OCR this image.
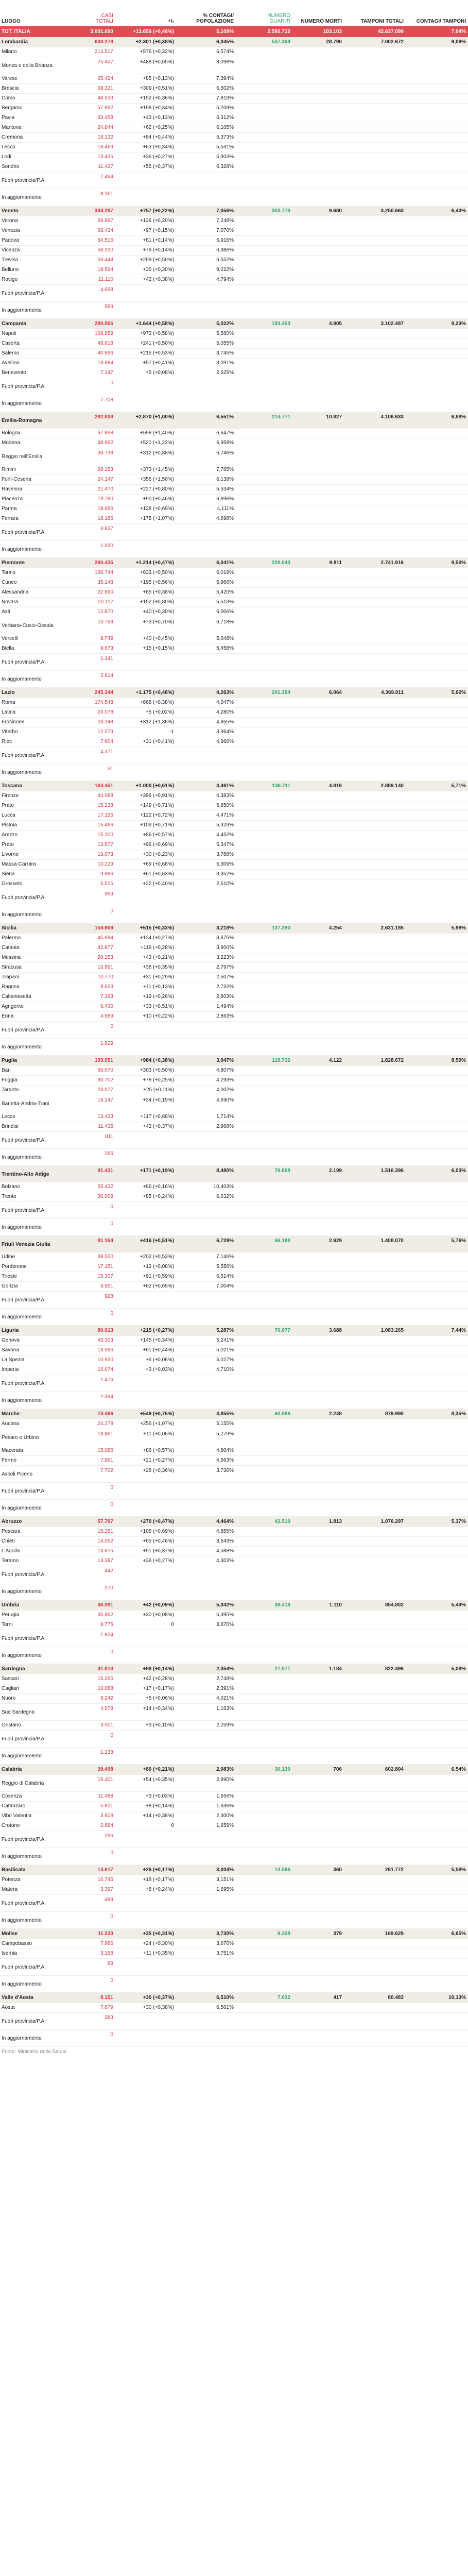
LUOGO	CASI
TOTALI	+/-	% CONTAGI/ POPOLAZIONE	NUMERO
GUARITI	NUMERO MORTI	TAMPONI TOTALI	CONTAGI/ TAMPONI
TOT. ITALIA	3.001.690	+13.659 (+0,46%)	5,109%	2.580.732	103.103	42.637.099	7,04%
Lombardia	608.278	+2.301 (+0,38%)	6,045%	537.369	28.790	7.002.672	9,09%
Milano	214.517	+576 (+0,32%)	6,574%				
Monza e della Brianza	75.427	+488 (+0,65%)	8,098%				
Varese	65.424	+85 (+0,13%)	7,394%				
Brescia	68.321	+309 (+0,51%)	6,502%				
Como	48.533	+152 (+0,36%)	7,819%				
Bergamo	57.892	+198 (+0,34%)	5,209%				
Pavia	33.458	+43 (+0,13%)	6,312%				
Mantova	24.844	+62 (+0,25%)	6,105%				
Cremona	19.132	+84 (+0,44%)	5,373%				
Lecco	18.463	+63 (+0,34%)	5,531%				
Lodi	13.425	+36 (+0,27%)	5,903%				
Sondrio	11.427	+55 (+0,37%)	6,328%				
Fuori provincia/P.A.	7.494						
In aggiornamento	8.161						
Veneto	343.287	+757 (+0,22%)	7,056%	303.773	9.680	3.250.663	6,43%
Verona	66.687	+136 (+0,20%)	7,248%				
Venezia	68.434	+97 (+0,15%)	7,070%				
Padova	64.516	+81 (+0,14%)	6,916%				
Vicenza	58.220	+79 (+0,14%)	6,986%				
Treviso	59.448	+299 (+0,50%)	6,552%				
Belluno	18.594	+35 (+0,30%)	9,222%				
Rovigo	11.110	+42 (+0,38%)	4,794%				
Fuori provincia/P.A.	4.698						
In aggiornamento	589						
Campania	290.865	+1.644 (+0,58%)	5,022%	193.453	4.905	3.102.497	9,23%
Napoli	168.859	+973 (+0,58%)	5,560%				
Caserta	48.618	+241 (+0,50%)	5,055%				
Salerno	40.896	+215 (+0,53%)	3,745%				
Avellino	13.884	+57 (+0,41%)	3,091%				
Benevento	7.147	+5 (+0,08%)	2,625%				
Fuori provincia/P.A.	0						
In aggiornamento	7.708						
Emilia-Romagna	292.838	+2.870 (+1,00%)	6,551%	214.771	10.827	4.106.633	6,88%
Bologna	67.898	+598 (+1,40%)	6,647%				
Modena	48.662	+520 (+1,22%)	6,958%				
Reggio nell'Emilia	39.738	+312 (+0,88%)	6,746%				
Rimini	28.153	+373 (+1,45%)	7,765%				
Forlì-Cesena	24.147	+356 (+1,50%)	6,139%				
Ravenna	21.470	+227 (+0,80%)	5,534%				
Piacenza	19.780	+90 (+0,46%)	6,896%				
Parma	18.666	+128 (+0,69%)	4,111%				
Ferrara	18.186	+178 (+1,07%)	4,698%				
Fuori provincia/P.A.	3.837						
In aggiornamento	1.030						
Piemonte	260.435	+1.214 (+0,47%)	6,041%	228.043	9.811	2.741.916	9,50%
Torino	136.744	+633 (+0,50%)	6,019%				
Cuneo	35.148	+195 (+0,56%)	5,966%				
Alessandria	22.690	+85 (+0,38%)	5,420%				
Novara	20.117	+152 (+0,80%)	5,513%				
Asti	12.870	+40 (+0,30%)	6,006%				
Verbano-Cusio-Ossola	10.798	+73 (+0,70%)	6,718%				
Vercelli	8.749	+40 (+0,45%)	5,048%				
Biella	9.673	+15 (+0,15%)	5,458%				
Fuori provincia/P.A.	1.141						
In aggiornamento	2.614						
Lazio	245.344	+1.175 (+0,48%)	4,263%	201.354	6.064	4.369.011	5,62%
Roma	174.548	+668 (+0,38%)	4,047%				
Latina	24.078	+5 (+0,02%)	4,280%				
Frosinone	23.248	+312 (+1,36%)	4,855%				
Viterbo	12.279	-1	3,964%				
Rieti	7.604	+31 (+0,41%)	4,966%				
Fuori provincia/P.A.	4.371						
In aggiornamento	31						
Toscana	164.451	+1.000 (+0,61%)	4,461%	136.711	4.816	2.889.140	5,71%
Firenze	44.088	+396 (+0,91%)	4,383%				
Prato	15.138	+149 (+0,71%)	5,850%				
Lucca	17.156	+122 (+0,72%)	4,471%				
Pistoia	15.466	+109 (+0,71%)	5,329%				
Arezzo	15.100	+86 (+0,57%)	4,452%				
Prato	13.877	+96 (+0,69%)	5,347%				
Livorno	13.073	+30 (+0,23%)	3,788%				
Massa-Carrara	10.229	+69 (+0,68%)	5,309%				
Siena	9.886	+61 (+0,63%)	3,352%				
Grosseto	5.515	+22 (+0,40%)	2,510%				
Fuori provincia/P.A.	999						
In aggiornamento	0						
Sicilia	158.909	+515 (+0,33%)	3,218%	137.290	4.254	2.631.185	5,98%
Palermo	45.684	+124 (+0,27%)	3,675%				
Catania	42.877	+119 (+0,28%)	3,900%				
Messina	20.153	+43 (+0,21%)	3,223%				
Siracusa	10.891	+38 (+0,35%)	2,797%				
Trapani	10.770	+31 (+0,29%)	2,507%				
Ragusa	8.623	+11 (+0,13%)	2,732%				
Caltanissetta	7.163	+19 (+0,26%)	2,803%				
Agrigento	6.430	+33 (+0,51%)	1,494%				
Enna	4.689	+10 (+0,22%)	2,863%				
Fuori provincia/P.A.	0						
In aggiornamento	1.629						
Puglia	159.051	+984 (+0,38%)	3,947%	118.732	4.122	1.828.672	8,59%
Bari	60.070	+303 (+0,50%)	4,807%				
Foggia	30.702	+78 (+0,25%)	4,293%				
Taranto	23.077	+25 (+0,11%)	4,002%				
Barletta-Andria-Trani	18.247	+34 (+0,19%)	4,690%				
Lecce	13.433	+117 (+0,88%)	1,714%				
Brindisi	11.435	+42 (+0,37%)	2,968%				
Fuori provincia/P.A.	811						
In aggiornamento	266						
Trentino-Alto Adige	91.431	+171 (+0,19%)	8,480%	79.808	2.199	1.516.396	6,03%
Bolzano	55.432	+86 (+0,16%)	10,403%				
Trento	36.009	+85 (+0,24%)	6,632%				
Fuori provincia/P.A.	0						
In aggiornamento	0						
Friuli Venezia Giulia	81.164	+416 (+0,51%)	6,729%	66.188	2.929	1.408.070	5,76%
Udine	38.020	+202 (+0,53%)	7,146%				
Pordenone	17.151	+13 (+0,08%)	5,556%				
Trieste	15.307	+91 (+0,59%)	6,514%				
Gorizia	9.951	+62 (+0,65%)	7,004%				
Fuori provincia/P.A.	928						
In aggiornamento	0						
Liguria	80.613	+215 (+0,27%)	5,287%	70.677	3.688	1.083.265	7,44%
Genova	43.303	+145 (+0,34%)	5,241%				
Savona	13.996	+61 (+0,44%)	5,021%				
La Spezia	10.930	+6 (+0,06%)	5,027%				
Imperia	10.074	+3 (+0,03%)	4,710%				
Fuori provincia/P.A.	1.476						
In aggiornamento	2.394						
Marche	73.466	+549 (+0,75%)	4,855%	60.886	2.248	879.990	8,35%
Ancona	24.278	+256 (+1,07%)	5,155%				
Pesaro e Urbino	18.861	+11 (+0,06%)	5,279%				
Macerata	15.086	+86 (+0,57%)	4,804%				
Fermo	7.861	+21 (+0,27%)	4,563%				
Ascoli Piceno	7.702	+28 (+0,36%)	3,736%				
Fuori provincia/P.A.	0						
In aggiornamento	0						
Abruzzo	57.767	+270 (+0,47%)	4,464%	42.510	1.813	1.076.297	5,37%
Pescara	15.281	+105 (+0,69%)	4,855%				
Chieti	14.052	+65 (+0,46%)	3,643%				
L'Aquila	13.615	+51 (+0,37%)	4,588%				
Teramo	13.387	+36 (+0,27%)	4,303%				
Fuori provincia/P.A.	442						
In aggiornamento	270						
Umbria	48.091	+42 (+0,09%)	5,342%	38.418	1.110	854.802	5,44%
Perugia	35.662	+30 (+0,08%)	5,395%				
Terni	8.775	0	3,870%				
Fuori provincia/P.A.	1.824						
In aggiornamento	0						
Sardegna	41.813	+88 (+0,14%)	2,054%	27.871	1.184	822.496	5,08%
Sassari	15.265	+42 (+0,28%)	2,748%				
Cagliari	10.088	+17 (+0,17%)	2,391%				
Nuoro	8.242	+5 (+0,06%)	4,021%				
Sud Sardegna	4.079	+14 (+0,34%)	1,163%				
Oristano	3.001	+3 (+0,10%)	2,259%				
Fuori provincia/P.A.	0						
In aggiornamento	1.138						
Calabria	39.498	+80 (+0,21%)	2,083%	30.130	706	602.804	6,54%
Reggio di Calabria	15.401	+54 (+0,35%)	2,890%				
Cosenza	11.488	+3 (+0,03%)	1,656%				
Catanzaro	5.821	+8 (+0,14%)	1,636%				
Vibo Valentia	3.608	+14 (+0,38%)	2,300%				
Crotone	2.884	0	1,659%				
Fuori provincia/P.A.	296						
In aggiornamento	0						
Basilicata	14.617	+26 (+0,17%)	3,004%	13.596	360	261.772	5,58%
Potenza	10.745	+18 (+0,17%)	3,151%				
Matera	3.397	+8 (+0,24%)	1,695%				
Fuori provincia/P.A.	489						
In aggiornamento	0						
Molise	11.233	+35 (+0,31%)	3,730%	9.208	379	169.629	6,65%
Campobasso	7.986	+24 (+0,30%)	3,670%				
Isernia	3.158	+11 (+0,35%)	3,751%				
Fuori provincia/P.A.	89						
In aggiornamento	0						
Valle d'Aosta	8.151	+30 (+0,37%)	6,510%	7.032	417	80.483	10,13%
Aosta	7.679	+30 (+0,38%)	6,501%				
Fuori provincia/P.A.	383						
In aggiornamento	0						
Fonte: Ministero della Salute
